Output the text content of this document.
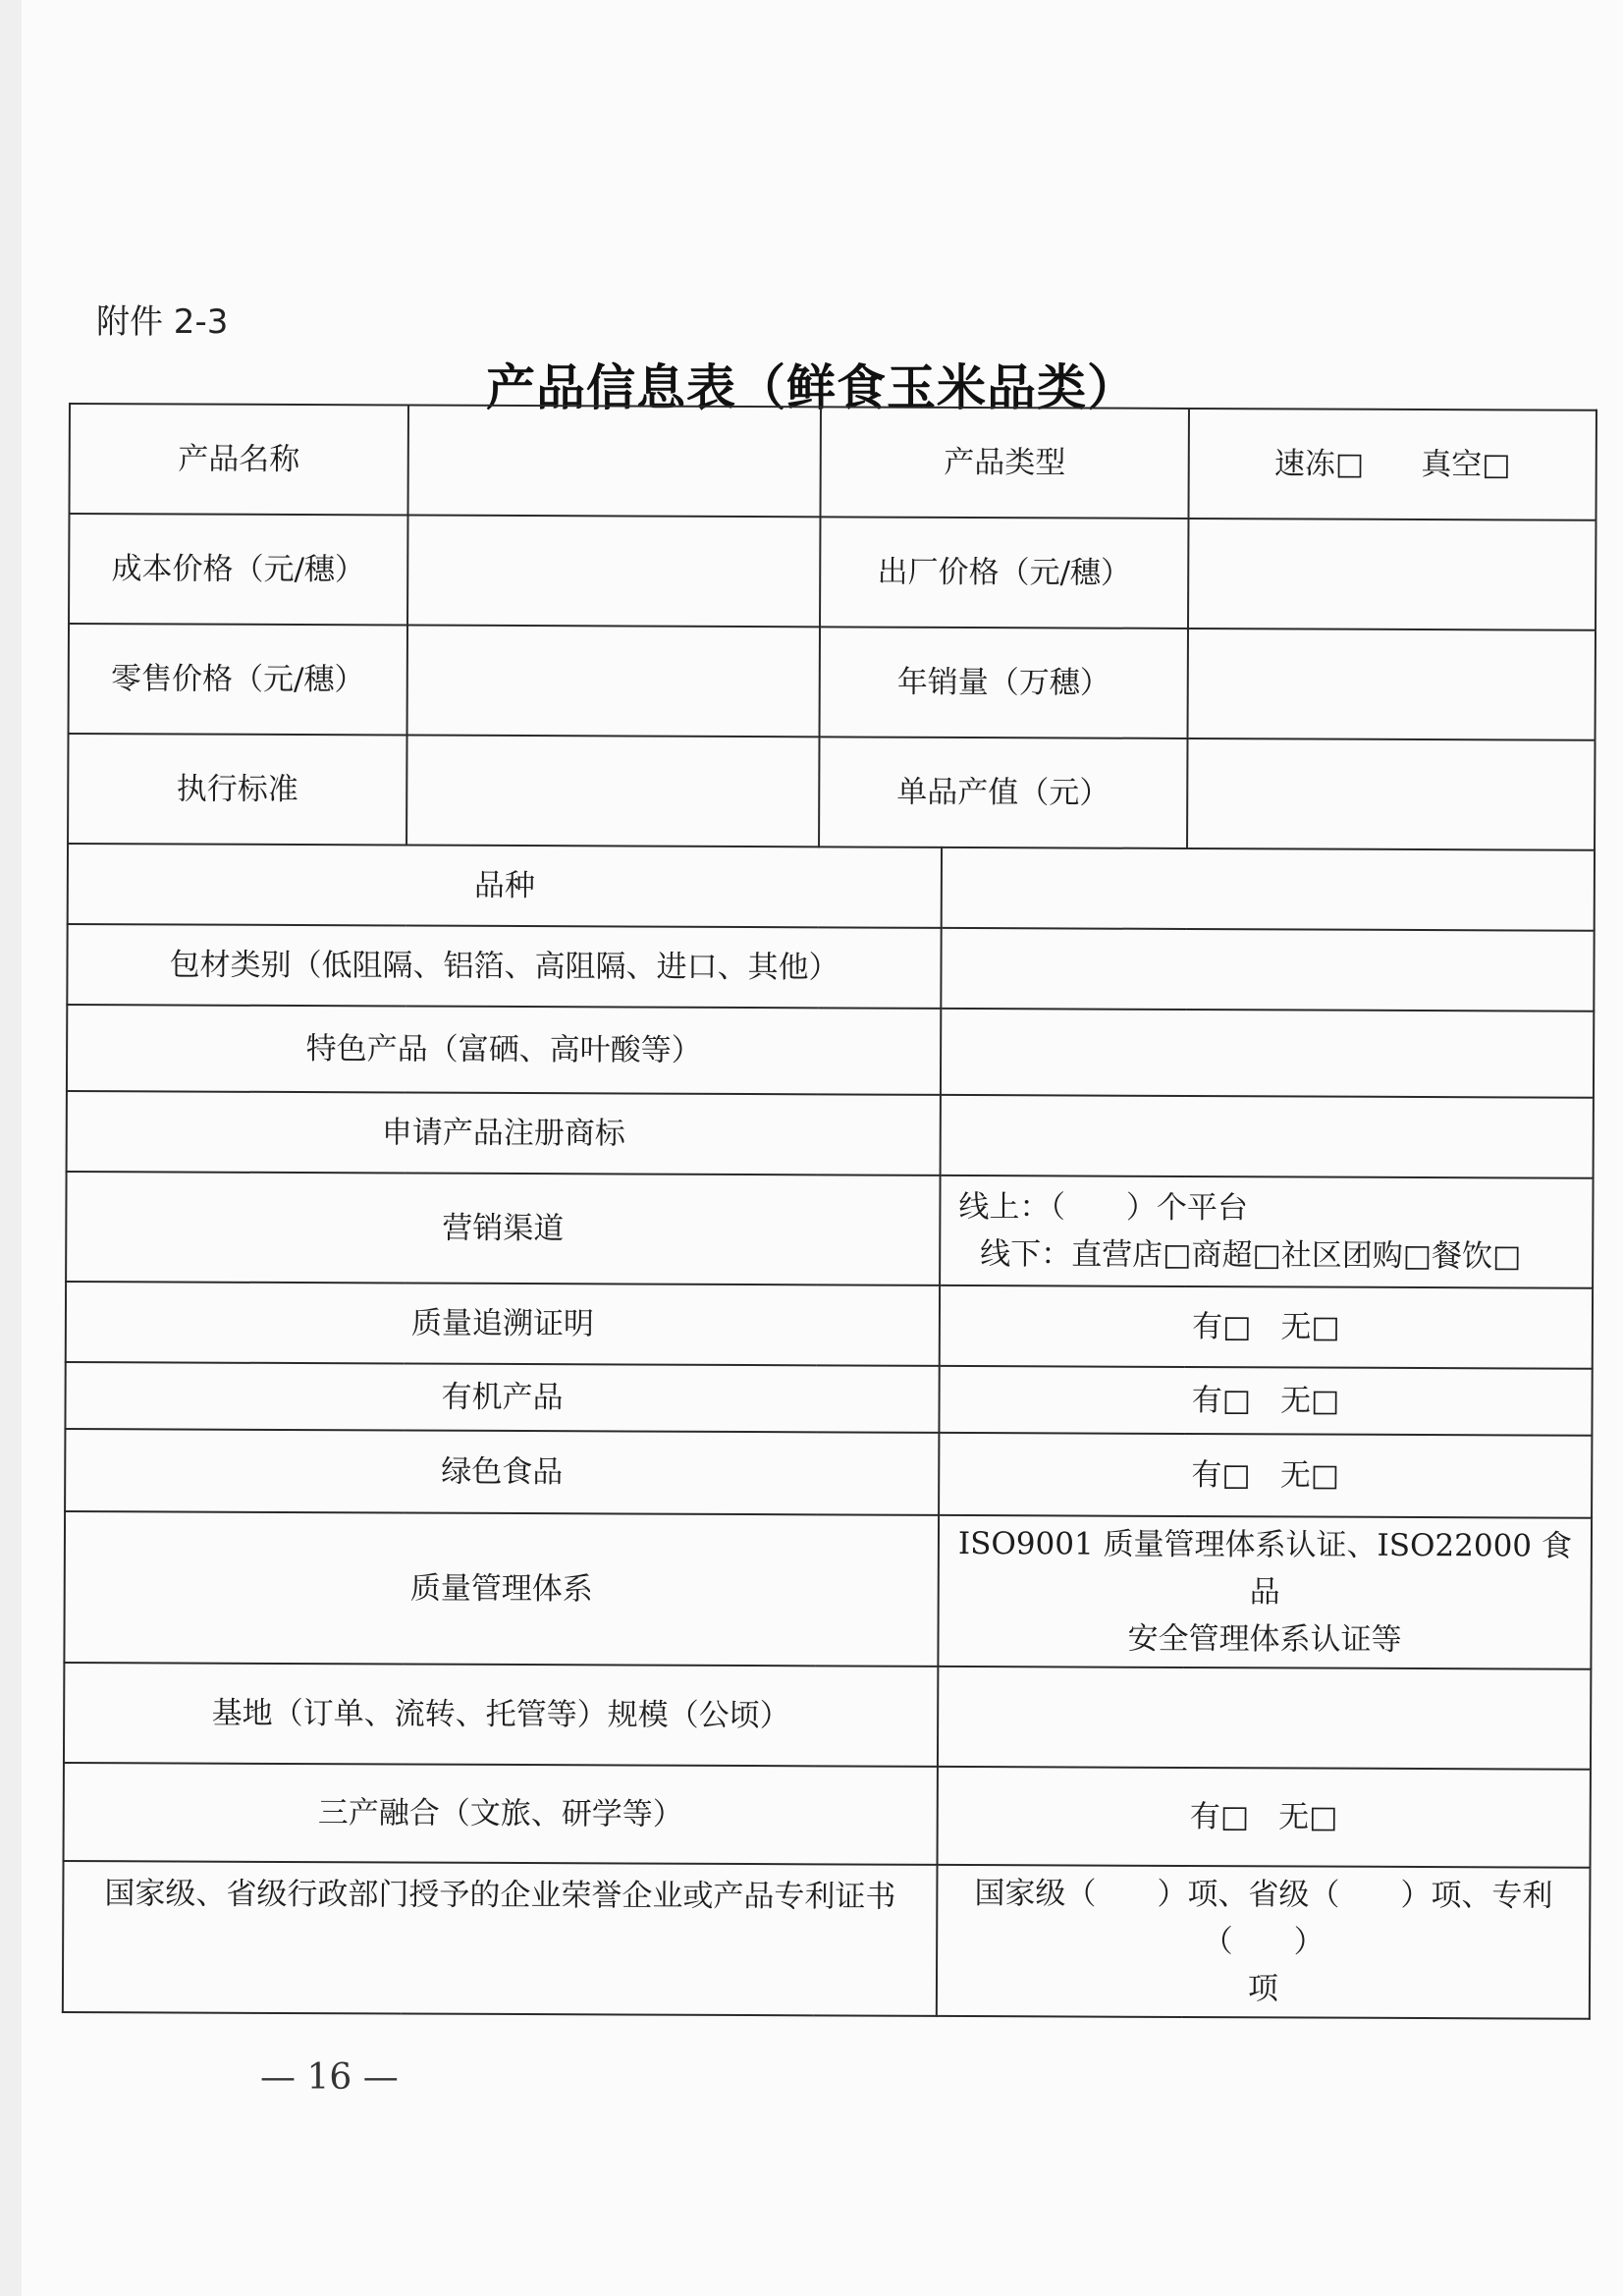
附件 2-3
产品信息表（鲜食玉米品类）
产品名称		产品类型		速冻□ 真空□
成本价格（元/穗）		出厂价格（元/穗）		
零售价格（元/穗）		年销量（万穗）		
执行标准		单品产值（元）		
品种				
包材类别（低阻隔、铝箔、高阻隔、进口、其他）				
特色产品（富硒、高叶酸等）				
申请产品注册商标				
营销渠道			线上：（　　）个平台
线下：直营店□商超□社区团购□餐饮□	

质量追溯证明			有□ 无□	
有机产品			有□ 无□	
绿色食品			有□ 无□	
质量管理体系			ISO9001 质量管理体系认证、ISO22000 食品
安全管理体系认证等	

基地（订单、流转、托管等）规模（公顷）				
三产融合（文旅、研学等）			有□ 无□	
国家级、省级行政部门授予的企业荣誉企业或产品专利证书			国家级（　　）项、省级（　　）项、专利（　　）
项	
— 16 —
